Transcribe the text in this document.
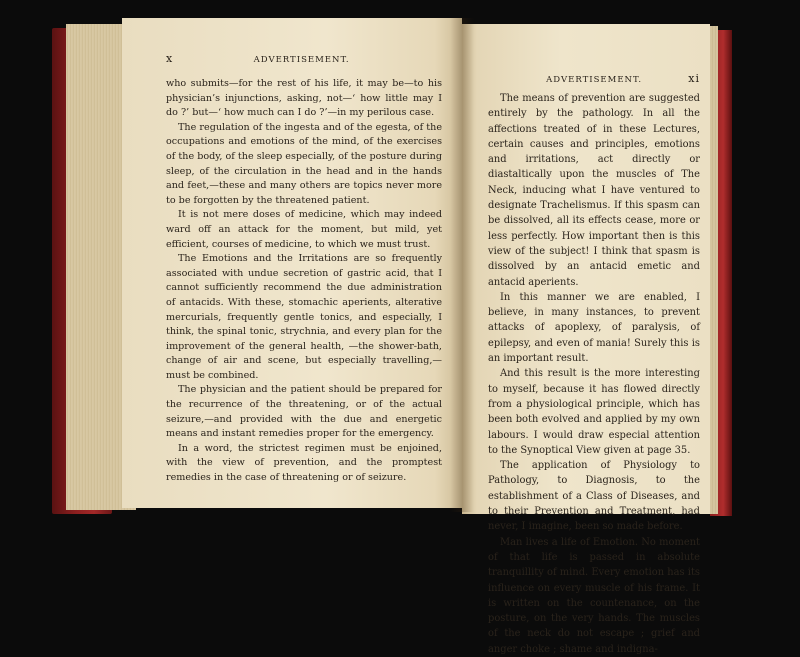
x	ADVERTISEMENT.

who submits—for the rest of his life, it may be—to his physician’s injunctions, asking, not—‘ how little may I do ?’ but—‘ how much can I do ?’—in my perilous case.

The regulation of the ingesta and of the egesta, of the occupations and emotions of the mind, of the exercises of the body, of the sleep especially, of the posture during sleep, of the circulation in the head and in the hands and feet,—these and many others are topics never more to be forgotten by the threatened patient.

It is not mere doses of medicine, which may indeed ward off an attack for the moment, but mild, yet efficient, courses of medicine, to which we must trust.

The Emotions and the Irritations are so frequently associated with undue secretion of gastric acid, that I cannot sufficiently recommend the due administration of antacids. With these, stomachic aperients, alterative mercurials, frequently gentle tonics, and especially, I think, the spinal tonic, strychnia, and every plan for the improvement of the general health, —the shower-bath, change of air and scene, but especially travelling,—must be combined.

The physician and the patient should be prepared for the recurrence of the threatening, or of the actual seizure,—and provided with the due and energetic means and instant remedies proper for the emergency.

In a word, the strictest regimen must be enjoined, with the view of prevention, and the promptest remedies in the case of threatening or of seizure.

ADVERTISEMENT.	xi

The means of prevention are suggested entirely by the pathology. In all the affections treated of in these Lectures, certain causes and principles, emotions and irritations, act directly or diastaltically upon the muscles of The Neck, inducing what I have ventured to designate Trachelismus. If this spasm can be dissolved, all its effects cease, more or less perfectly. How important then is this view of the subject! I think that spasm is dissolved by an antacid emetic and antacid aperients.

In this manner we are enabled, I believe, in many instances, to prevent attacks of apoplexy, of paralysis, of epilepsy, and even of mania! Surely this is an important result.

And this result is the more interesting to myself, because it has flowed directly from a physiological principle, which has been both evolved and applied by my own labours. I would draw especial attention to the Synoptical View given at page 35.

The application of Physiology to Pathology, to Diagnosis, to the establishment of a Class of Diseases, and to their Prevention and Treatment, had never, I imagine, been so made before.

Man lives a life of Emotion. No moment of that life is passed in absolute tranquillity of mind. Every emotion has its influence on every muscle of his frame. It is written on the countenance, on the posture, on the very hands. The muscles of the neck do not escape ; grief and anger choke ; shame and indigna-
